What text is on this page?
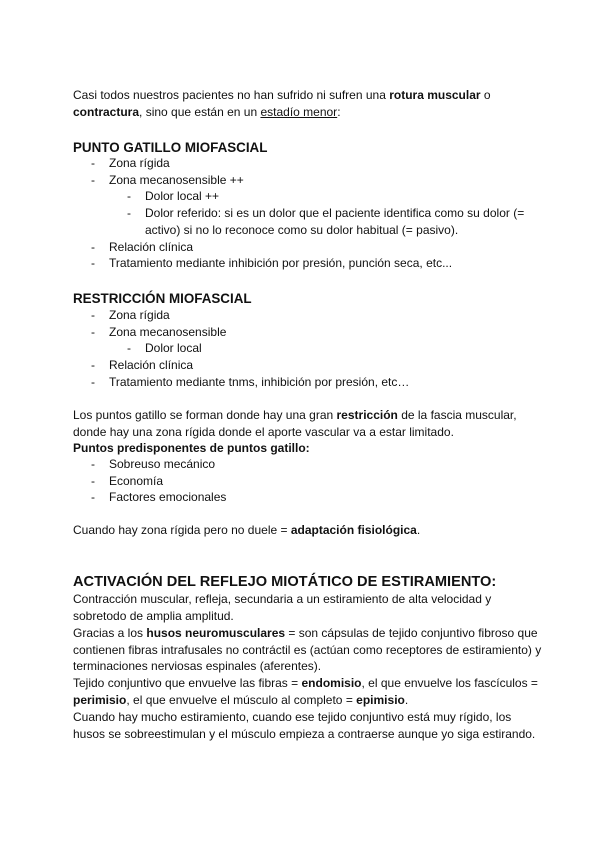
Casi todos nuestros pacientes no han sufrido ni sufren una rotura muscular o contractura, sino que están en un estadío menor:

PUNTO GATILLO MIOFASCIAL
- Zona rígida
- Zona mecanosensible ++
- Dolor local ++
- Dolor referido: si es un dolor que el paciente identifica como su dolor (= activo) si no lo reconoce como su dolor habitual (= pasivo).
- Relación clínica
- Tratamiento mediante inhibición por presión, punción seca, etc...
RESTRICCIÓN MIOFASCIAL
- Zona rígida
- Zona mecanosensible
- Dolor local
- Relación clínica
- Tratamiento mediante tnms, inhibición por presión, etc…

Los puntos gatillo se forman donde hay una gran restricción de la fascia muscular, donde hay una zona rígida donde el aporte vascular va a estar limitado.

Puntos predisponentes de puntos gatillo:

- Sobreuso mecánico
- Economía
- Factores emocionales

Cuando hay zona rígida pero no duele = adaptación fisiológica.

ACTIVACIÓN DEL REFLEJO MIOTÁTICO DE ESTIRAMIENTO:

Contracción muscular, refleja, secundaria a un estiramiento de alta velocidad y sobretodo de amplia amplitud.

Gracias a los husos neuromusculares = son cápsulas de tejido conjuntivo fibroso que contienen fibras intrafusales no contráctil es (actúan como receptores de estiramiento) y terminaciones nerviosas espinales (aferentes).

Tejido conjuntivo que envuelve las fibras = endomisio, el que envuelve los fascículos = perimisio, el que envuelve el músculo al completo = epimisio.

Cuando hay mucho estiramiento, cuando ese tejido conjuntivo está muy rígido, los husos se sobreestimulan y el músculo empieza a contraerse aunque yo siga estirando.
